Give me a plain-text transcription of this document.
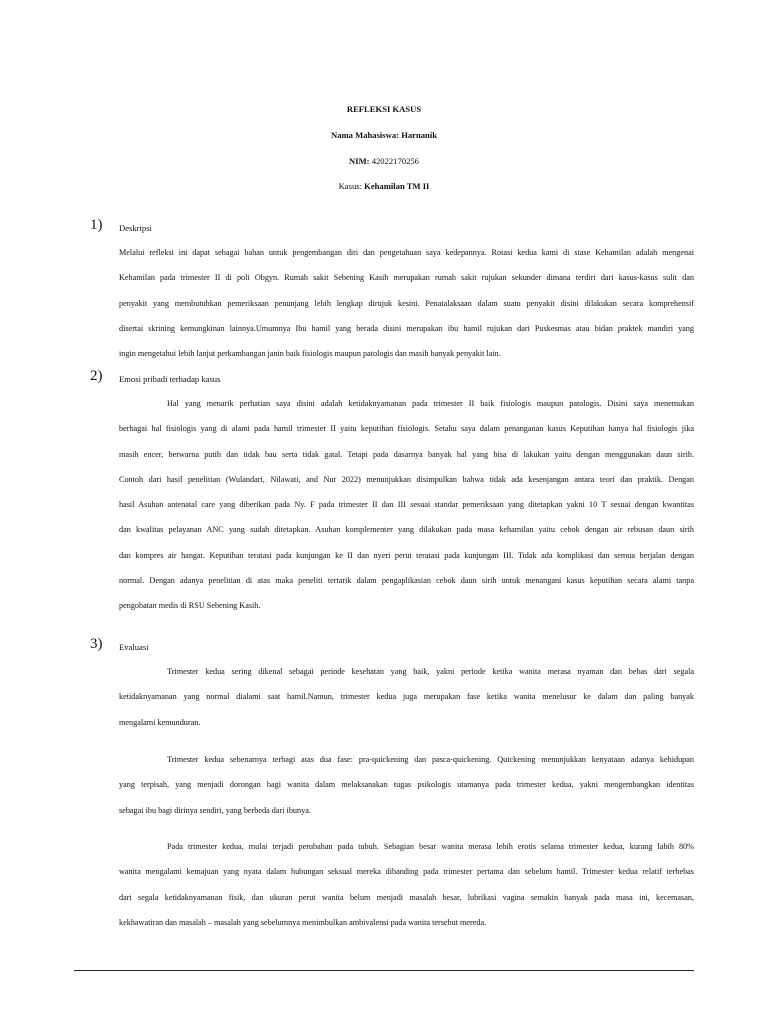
REFLEKSI KASUS
Nama Mahasiswa: Harnanik
NIM: 42022170256
Kasus: Kehamilan TM II
1) Deskripsi
Melalui refleksi ini dapat sebagai bahan untuk pengembangan diri dan pengetahuan saya kedepannya. Rotasi kedua kami di stase Kehamilan adalah mengenai
Kehamilan pada trimester II di poli Obgyn. Rumah sakit Sebening Kasih merupakan rumah sakit rujukan sekunder dimana terdiri dari kasus-kasus sulit dan
penyakit yang membutuhkan pemeriksaan penunjang lebih lengkap dirujuk kesini. Penatalaksaan dalam suatu penyakit disini dilakukan secara komprehensif
disertai skrining kemungkinan lainnya.Umumnya Ibu hamil yang berada disini merupakan ibu hamil rujukan dari Puskesmas atau bidan praktek mandiri yang
ingin mengetahui lebih lanjut perkambangan janin baik fisiologis maupun patologis dan masih banyak penyakit lain.
2) Emosi pribadi terhadap kasus
Hal yang menarik perhatian saya disini adalah ketidaknyamanan pada trimester II baik fisiologis maupun patologis. Disini saya menemukan
berbagai hal fisiologis yang di alami pada hamil trimester II yaitu keputihan fisiologis. Setahu saya dalam penanganan kasus Keputihan hanya hal fisiologis jika
masih encer, berwarna putih dan tidak bau serta tidak gatal. Tetapi pada dasarnya banyak hal yang bisa di lakukan yaitu dengan menggunakan daun sirih.
Contoh dari hasil penelitian (Wulandari, Nilawati, and Nur 2022) menunjukkan disimpulkan bahwa tidak ada kesenjangan antara teori dan praktik. Dengan
hasil Asuhan antenatal care yang diberikan pada Ny. F pada trimester II dan III sesuai standar pemeriksaan yang ditetapkan yakni 10 T sesuai dengan kwantitas
dan kwalitas pelayanan ANC yang sudah ditetapkan. Asuhan komplementer yang dilakukan pada masa kehamilan yaitu cebok dengan air rebusan daun sirih
dan kompres air hangat. Keputihan teratasi pada kunjungan ke II dan nyeri perut teratasi pada kunjungan III. Tidak ada komplikasi dan semua berjalan dengan
normal. Dengan adanya penelitian di atas maka peneliti tertarik dalam pengaplikasian cebok daun sirih untuk menangani kasus keputihan secara alami tanpa
pengobatan medis di RSU Sebening Kasih.
3) Evaluasi
Trimester kedua sering dikenal sebagai periode kesehatan yang baik, yakni periode ketika wanita merasa nyaman dan bebas dari segala
ketidaknyamanan yang normal dialami saat hamil.Namun, trimester kedua juga merupakan fase ketika wanita menelusur ke dalam dan paling banyak
mengalami kemunduran.
Trimester kedua sebenarnya terbagi atas dua fase: pra-quickening dan pasca-quickening. Quickening menunjukkan kenyataan adanya kehidupan
yang terpisah, yang menjadi dorongan bagi wanita dalam melaksanakan tugas psikologis utamanya pada trimester kedua, yakni mengembangkan identitas
sebagai ibu bagi dirinya sendiri, yang berbeda dari ibunya.
Pada trimester kedua, mulai terjadi perubahan pada tubuh. Sebagian besar wanita merasa lebih erotis selama trimester kedua, kurang labih 80%
wanita mengalami kemajuan yang nyata dalam hubungan seksual mereka dibanding pada trimester pertama dan sebelum hamil. Trimester kedua relatif terbebas
dari segala ketidaknyamanan fisik, dan ukuran perut wanita belum menjadi masalah besar, lubrikasi vagina semakin banyak pada masa ini, kecemasan,
kekhawatiran dan masalah – masalah yang sebelumnya menimbulkan ambivalensi pada wanita tersebut mereda.
